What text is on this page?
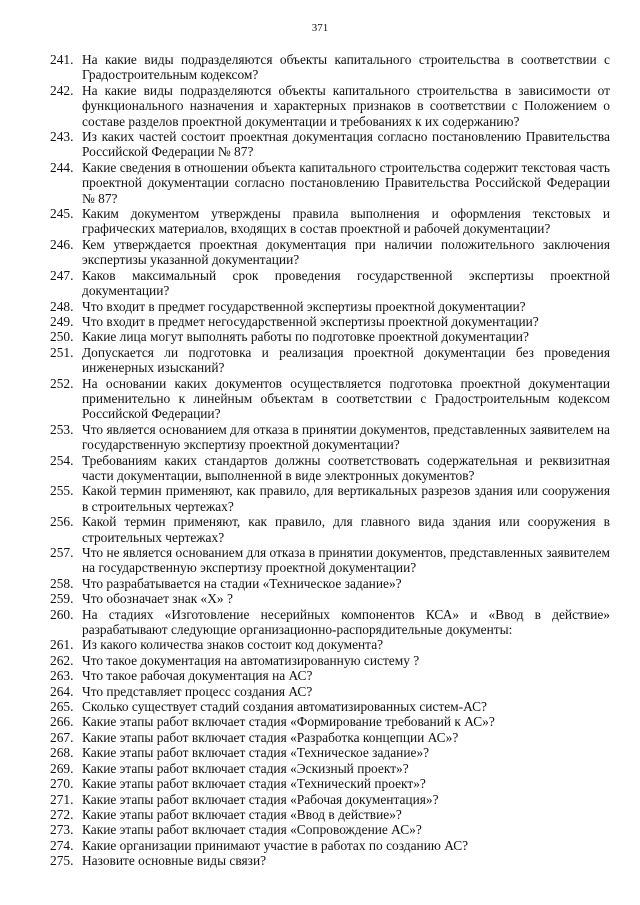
371
241. На какие виды подразделяются объекты капитального строительства в соответствии с Градостроительным кодексом?
242. На какие виды подразделяются объекты капитального строительства в зависимости от функционального назначения и характерных признаков в соответствии с Положением о составе разделов проектной документации и требованиях к их содержанию?
243. Из каких частей состоит проектная документация согласно постановлению Правительства Российской Федерации № 87?
244. Какие сведения в отношении объекта капитального строительства содержит текстовая часть проектной документации согласно постановлению Правительства Российской Федерации № 87?
245. Каким документом утверждены правила выполнения и оформления текстовых и графических материалов, входящих в состав проектной и рабочей документации?
246. Кем утверждается проектная документация при наличии положительного заключения экспертизы указанной документации?
247. Каков максимальный срок проведения государственной экспертизы проектной документации?
248. Что входит в предмет государственной экспертизы проектной документации?
249. Что входит в предмет негосударственной экспертизы проектной документации?
250. Какие лица могут выполнять работы по подготовке проектной документации?
251. Допускается ли подготовка и реализация проектной документации без проведения инженерных изысканий?
252. На основании каких документов осуществляется подготовка проектной документации применительно к линейным объектам в соответствии с Градостроительным кодексом Российской Федерации?
253. Что является основанием для отказа в принятии документов, представленных заявителем на государственную экспертизу проектной документации?
254. Требованиям каких стандартов должны соответствовать содержательная и реквизитная части документации, выполненной в виде электронных документов?
255. Какой термин применяют, как правило, для вертикальных разрезов здания или сооружения в строительных чертежах?
256. Какой термин применяют, как правило, для главного вида здания или сооружения в строительных чертежах?
257. Что не является основанием для отказа в принятии документов, представленных заявителем на государственную экспертизу проектной документации?
258. Что разрабатывается на стадии «Техническое задание»?
259. Что обозначает знак «Х» ?
260. На стадиях «Изготовление несерийных компонентов КСА» и «Ввод в действие» разрабатывают следующие организационно-распорядительные документы:
261. Из какого количества знаков состоит код документа?
262. Что такое документация на автоматизированную систему ?
263. Что такое рабочая документация на АС?
264. Что представляет процесс создания АС?
265. Сколько существует стадий создания автоматизированных систем-АС?
266. Какие этапы работ включает стадия «Формирование требований к АС»?
267. Какие этапы работ включает стадия «Разработка концепции АС»?
268. Какие этапы работ включает стадия «Техническое задание»?
269. Какие этапы работ включает стадия «Эскизный проект»?
270. Какие этапы работ включает стадия «Технический проект»?
271. Какие этапы работ включает стадия «Рабочая документация»?
272. Какие этапы работ включает стадия «Ввод в действие»?
273. Какие этапы работ включает стадия «Сопровождение АС»?
274. Какие организации принимают участие в работах по созданию АС?
275. Назовите основные виды связи?
